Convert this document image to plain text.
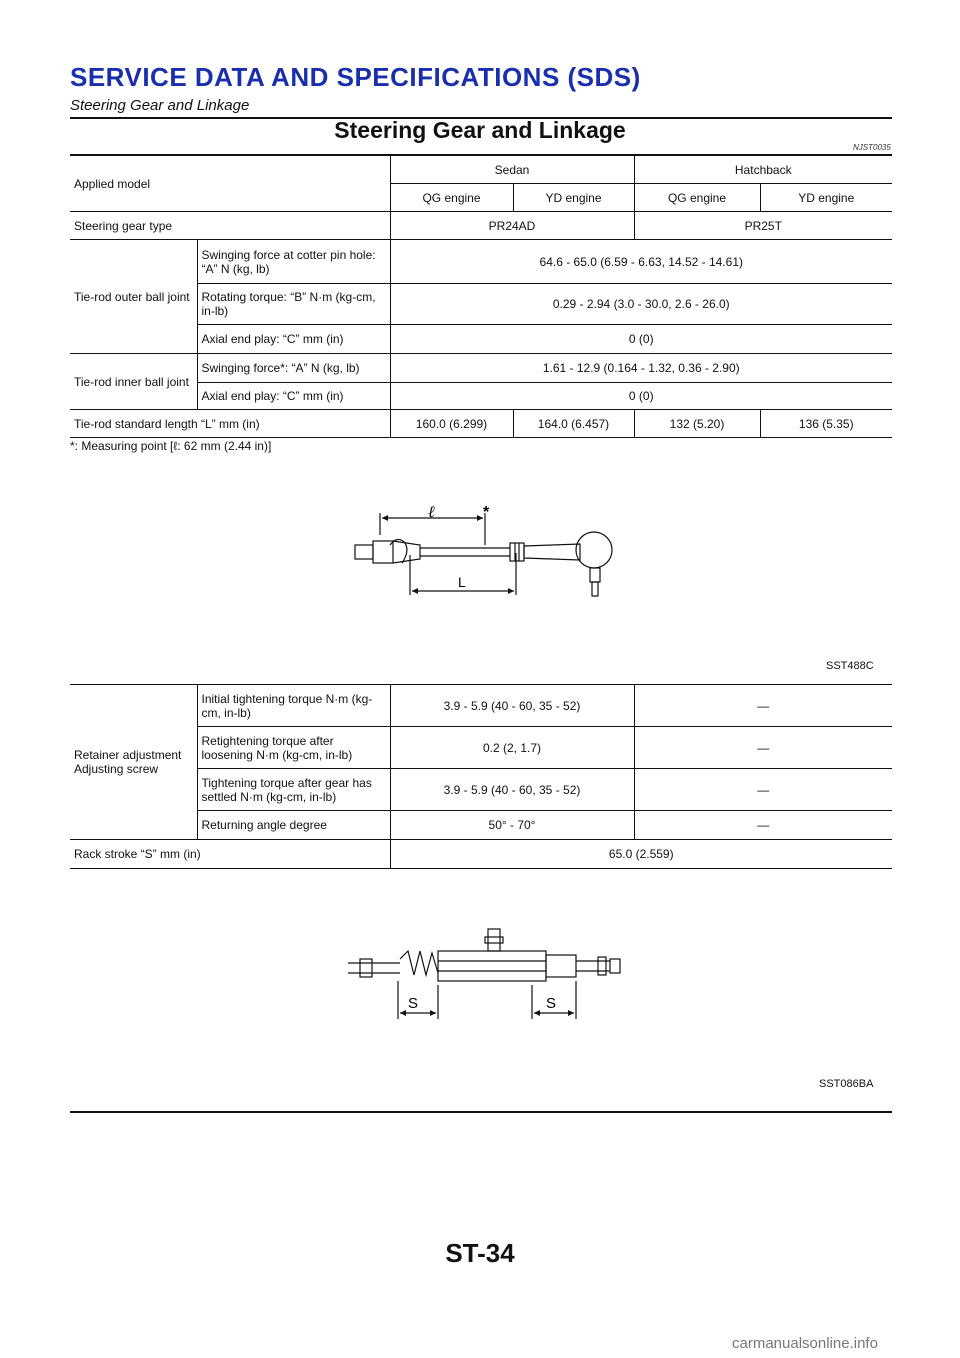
SERVICE DATA AND SPECIFICATIONS (SDS)
Steering Gear and Linkage
Steering Gear and Linkage
NJST0035
Applied model		Sedan		Hatchback	
		QG engine	YD engine	QG engine	YD engine
Steering gear type		PR24AD		PR25T	
Tie-rod outer ball joint	Swinging force at cotter pin hole: “A” N (kg, lb)	64.6 - 65.0 (6.59 - 6.63, 14.52 - 14.61)			
	Rotating torque: “B” N·m (kg-cm, in-lb)	0.29 - 2.94 (3.0 - 30.0, 2.6 - 26.0)			
	Axial end play: “C” mm (in)	0 (0)			
Tie-rod inner ball joint	Swinging force*: “A” N (kg, lb)	1.61 - 12.9 (0.164 - 1.32, 0.36 - 2.90)			
	Axial end play: “C” mm (in)	0 (0)			
Tie-rod standard length “L” mm (in)		160.0 (6.299)	164.0 (6.457)	132 (5.20)	136 (5.35)
*: Measuring point [ℓ: 62 mm (2.44 in)]
ℓ	*
L
SST488C
Retainer adjustment Adjusting screw	Initial tightening torque N·m (kg-cm, in-lb)	3.9 - 5.9 (40 - 60, 35 - 52)	—
	Retightening torque after loosening N·m (kg-cm, in-lb)	0.2 (2, 1.7)	—
	Tightening torque after gear has settled N·m (kg-cm, in-lb)	3.9 - 5.9 (40 - 60, 35 - 52)	—
	Returning angle degree	50° - 70°	—
Rack stroke “S” mm (in)		65.0 (2.559)	
S	S
SST086BA
ST-34
carmanualsonline.info
